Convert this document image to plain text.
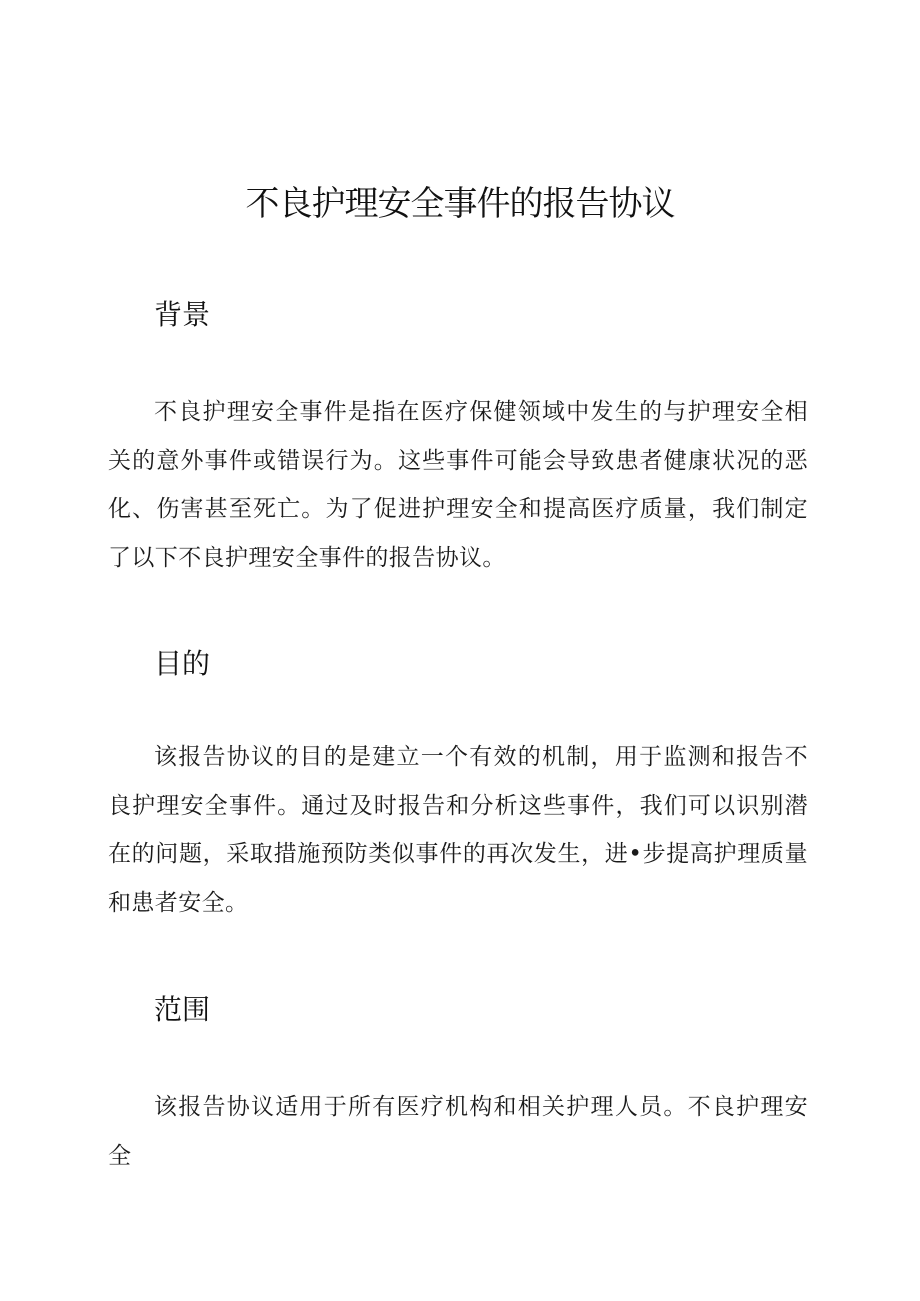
不良护理安全事件的报告协议
背景

不良护理安全事件是指在医疗保健领域中发生的与护理安全相关的意外事件或错误行为。这些事件可能会导致患者健康状况的恶化、伤害甚至死亡。为了促进护理安全和提高医疗质量，我们制定了以下不良护理安全事件的报告协议。

目的

该报告协议的目的是建立一个有效的机制，用于监测和报告不良护理安全事件。通过及时报告和分析这些事件，我们可以识别潜在的问题，采取措施预防类似事件的再次发生，进•步提高护理质量和患者安全。

范围

该报告协议适用于所有医疗机构和相关护理人员。不良护理安全
